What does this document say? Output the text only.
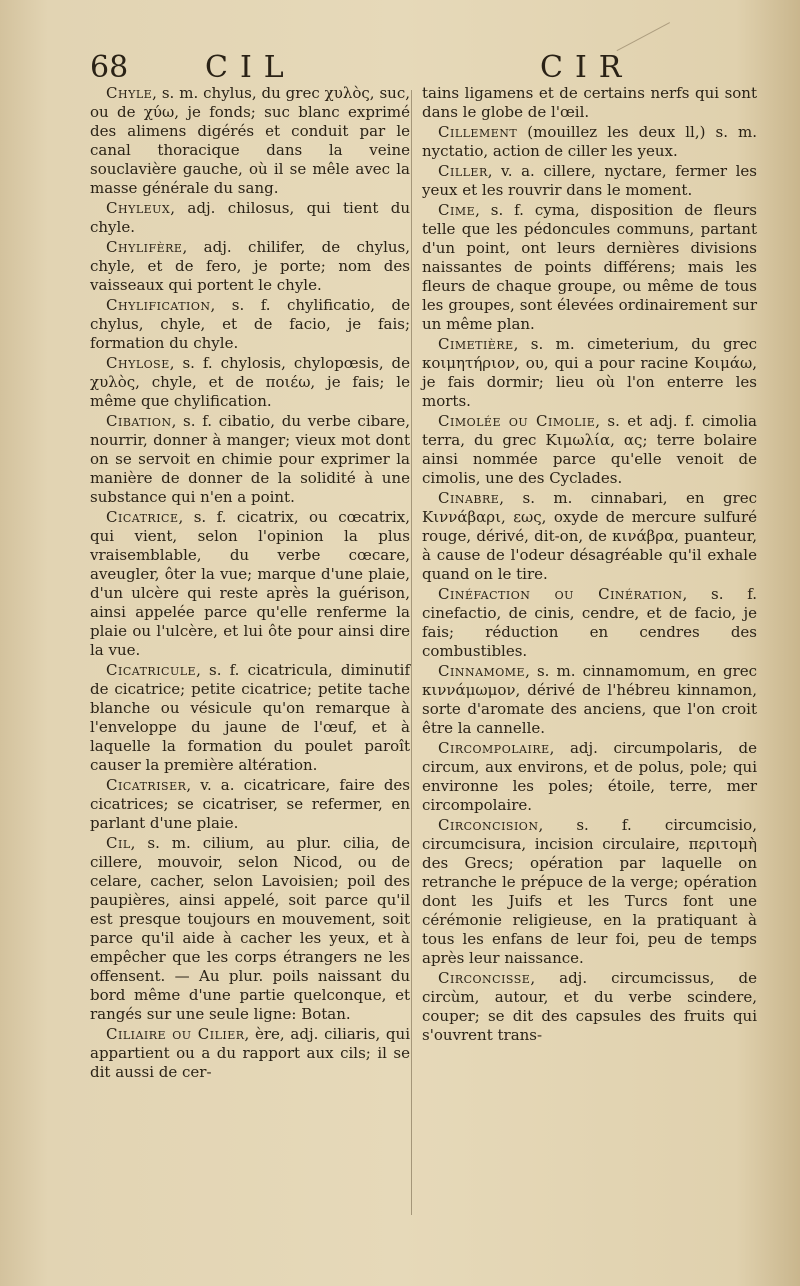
68	CIL	CIR

Chyle, s. m. chylus, du grec χυλὸς, suc, ou de χύω, je fonds; suc blanc exprimé des alimens digérés et conduit par le canal thoracique dans la veine souclavière gauche, où il se mêle avec la masse générale du sang.

Chyleux, adj. chilosus, qui tient du chyle.

Chylifère, adj. chilifer, de chylus, chyle, et de fero, je porte; nom des vaisseaux qui portent le chyle.

Chylification, s. f. chylificatio, de chylus, chyle, et de facio, je fais; formation du chyle.

Chylose, s. f. chylosis, chylopœsis, de χυλὸς, chyle, et de ποιέω, je fais; le même que chylification.

Cibation, s. f. cibatio, du verbe cibare, nourrir, donner à manger; vieux mot dont on se servoit en chimie pour exprimer la manière de donner de la solidité à une substance qui n'en a point.

Cicatrice, s. f. cicatrix, ou cœcatrix, qui vient, selon l'opinion la plus vraisemblable, du verbe cœcare, aveugler, ôter la vue; marque d'une plaie, d'un ulcère qui reste après la guérison, ainsi appelée parce qu'elle renferme la plaie ou l'ulcère, et lui ôte pour ainsi dire la vue.

Cicatricule, s. f. cicatricula, diminutif de cicatrice; petite cicatrice; petite tache blanche ou vésicule qu'on remarque à l'enveloppe du jaune de l'œuf, et à laquelle la formation du poulet paroît causer la première altération.

Cicatriser, v. a. cicatricare, faire des cicatrices; se cicatriser, se refermer, en parlant d'une plaie.

Cil, s. m. cilium, au plur. cilia, de cillere, mouvoir, selon Nicod, ou de celare, cacher, selon Lavoisien; poil des paupières, ainsi appelé, soit parce qu'il est presque toujours en mouvement, soit parce qu'il aide à cacher les yeux, et à empêcher que les corps étrangers ne les offensent. — Au plur. poils naissant du bord même d'une partie quelconque, et rangés sur une seule ligne: Botan.

Ciliaire ou Cilier, ère, adj. ciliaris, qui appartient ou a du rapport aux cils; il se dit aussi de cer-

tains ligamens et de certains nerfs qui sont dans le globe de l'œil.

Cillement (mouillez les deux ll,) s. m. nyctatio, action de ciller les yeux.

Ciller, v. a. cillere, nyctare, fermer les yeux et les rouvrir dans le moment.

Cime, s. f. cyma, disposition de fleurs telle que les pédoncules communs, partant d'un point, ont leurs dernières divisions naissantes de points différens; mais les fleurs de chaque groupe, ou même de tous les groupes, sont élevées ordinairement sur un même plan.

Cimetière, s. m. cimeterium, du grec κοιμητήριον, ου, qui a pour racine Κοιμάω, je fais dormir; lieu où l'on enterre les morts.

Cimolée ou Cimolie, s. et adj. f. cimolia terra, du grec Κιμωλία, ας; terre bolaire ainsi nommée parce qu'elle venoit de cimolis, une des Cyclades.

Cinabre, s. m. cinnabari, en grec Κιννάβαρι, εως, oxyde de mercure sulfuré rouge, dérivé, dit-on, de κινάβρα, puanteur, à cause de l'odeur désagréable qu'il exhale quand on le tire.

Cinéfaction ou Cinération, s. f. cinefactio, de cinis, cendre, et de facio, je fais; réduction en cendres des combustibles.

Cinnamome, s. m. cinnamomum, en grec κιννάμωμον, dérivé de l'hébreu kinnamon, sorte d'aromate des anciens, que l'on croit être la cannelle.

Circompolaire, adj. circumpolaris, de circum, aux environs, et de polus, pole; qui environne les poles; étoile, terre, mer circompolaire.

Circoncision, s. f. circumcisio, circumcisura, incision circulaire, περιτομὴ des Grecs; opération par laquelle on retranche le prépuce de la verge; opération dont les Juifs et les Turcs font une cérémonie religieuse, en la pratiquant à tous les enfans de leur foi, peu de temps après leur naissance.

Circoncisse, adj. circumcissus, de circùm, autour, et du verbe scindere, couper; se dit des capsules des fruits qui s'ouvrent trans-
